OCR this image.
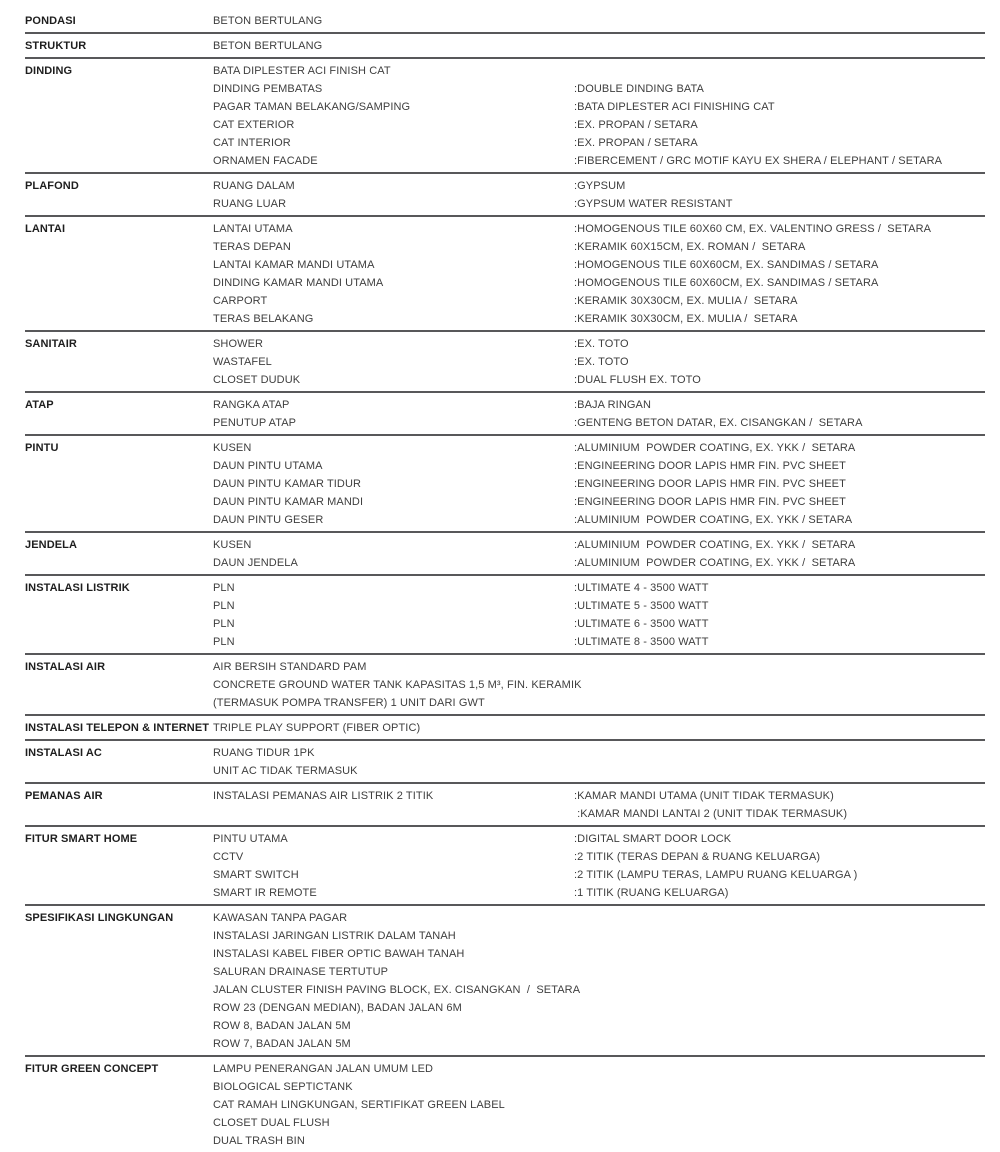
PONDASI	BETON BERTULANG
STRUKTUR	BETON BERTULANG
DINDING	BATA DIPLESTER ACI FINISH CAT
DINDING PEMBATAS	:DOUBLE DINDING BATA
PAGAR TAMAN BELAKANG/SAMPING	:BATA DIPLESTER ACI FINISHING CAT
CAT EXTERIOR	:EX. PROPAN / SETARA
CAT INTERIOR	:EX. PROPAN / SETARA
ORNAMEN FACADE	:FIBERCEMENT / GRC MOTIF KAYU EX SHERA / ELEPHANT / SETARA
PLAFOND	RUANG DALAM	:GYPSUM
RUANG LUAR	:GYPSUM WATER RESISTANT
LANTAI	LANTAI UTAMA	:HOMOGENOUS TILE 60X60 CM, EX. VALENTINO GRESS /  SETARA
TERAS DEPAN	:KERAMIK 60X15CM, EX. ROMAN /  SETARA
LANTAI KAMAR MANDI UTAMA	:HOMOGENOUS TILE 60X60CM, EX. SANDIMAS / SETARA
DINDING KAMAR MANDI UTAMA	:HOMOGENOUS TILE 60X60CM, EX. SANDIMAS / SETARA
CARPORT	:KERAMIK 30X30CM, EX. MULIA /  SETARA
TERAS BELAKANG	:KERAMIK 30X30CM, EX. MULIA /  SETARA
SANITAIR	SHOWER	:EX. TOTO
WASTAFEL	:EX. TOTO
CLOSET DUDUK	:DUAL FLUSH EX. TOTO
ATAP	RANGKA ATAP	:BAJA RINGAN
PENUTUP ATAP	:GENTENG BETON DATAR, EX. CISANGKAN /  SETARA
PINTU	KUSEN	:ALUMINIUM  POWDER COATING, EX. YKK /  SETARA
DAUN PINTU UTAMA	:ENGINEERING DOOR LAPIS HMR FIN. PVC SHEET
DAUN PINTU KAMAR TIDUR	:ENGINEERING DOOR LAPIS HMR FIN. PVC SHEET
DAUN PINTU KAMAR MANDI	:ENGINEERING DOOR LAPIS HMR FIN. PVC SHEET
DAUN PINTU GESER	:ALUMINIUM  POWDER COATING, EX. YKK / SETARA
JENDELA	KUSEN	:ALUMINIUM  POWDER COATING, EX. YKK /  SETARA
DAUN JENDELA	:ALUMINIUM  POWDER COATING, EX. YKK /  SETARA
INSTALASI LISTRIK	PLN	:ULTIMATE 4 - 3500 WATT
PLN	:ULTIMATE 5 - 3500 WATT
PLN	:ULTIMATE 6 - 3500 WATT
PLN	:ULTIMATE 8 - 3500 WATT
INSTALASI AIR	AIR BERSIH STANDARD PAM
CONCRETE GROUND WATER TANK KAPASITAS 1,5 M³, FIN. KERAMIK
(TERMASUK POMPA TRANSFER) 1 UNIT DARI GWT
INSTALASI TELEPON & INTERNET TRIPLE PLAY SUPPORT (FIBER OPTIC)
INSTALASI AC	RUANG TIDUR 1PK
UNIT AC TIDAK TERMASUK
PEMANAS AIR	INSTALASI PEMANAS AIR LISTRIK 2 TITIK	:KAMAR MANDI UTAMA (UNIT TIDAK TERMASUK)
:KAMAR MANDI LANTAI 2 (UNIT TIDAK TERMASUK)
FITUR SMART HOME	PINTU UTAMA	:DIGITAL SMART DOOR LOCK
CCTV	:2 TITIK (TERAS DEPAN & RUANG KELUARGA)
SMART SWITCH	:2 TITIK (LAMPU TERAS, LAMPU RUANG KELUARGA )
SMART IR REMOTE	:1 TITIK (RUANG KELUARGA)
SPESIFIKASI LINGKUNGAN	KAWASAN TANPA PAGAR
INSTALASI JARINGAN LISTRIK DALAM TANAH
INSTALASI KABEL FIBER OPTIC BAWAH TANAH
SALURAN DRAINASE TERTUTUP
JALAN CLUSTER FINISH PAVING BLOCK, EX. CISANGKAN  /  SETARA
ROW 23 (DENGAN MEDIAN), BADAN JALAN 6M
ROW 8, BADAN JALAN 5M
ROW 7, BADAN JALAN 5M
FITUR GREEN CONCEPT	LAMPU PENERANGAN JALAN UMUM LED
BIOLOGICAL SEPTICTANK
CAT RAMAH LINGKUNGAN, SERTIFIKAT GREEN LABEL
CLOSET DUAL FLUSH
DUAL TRASH BIN
